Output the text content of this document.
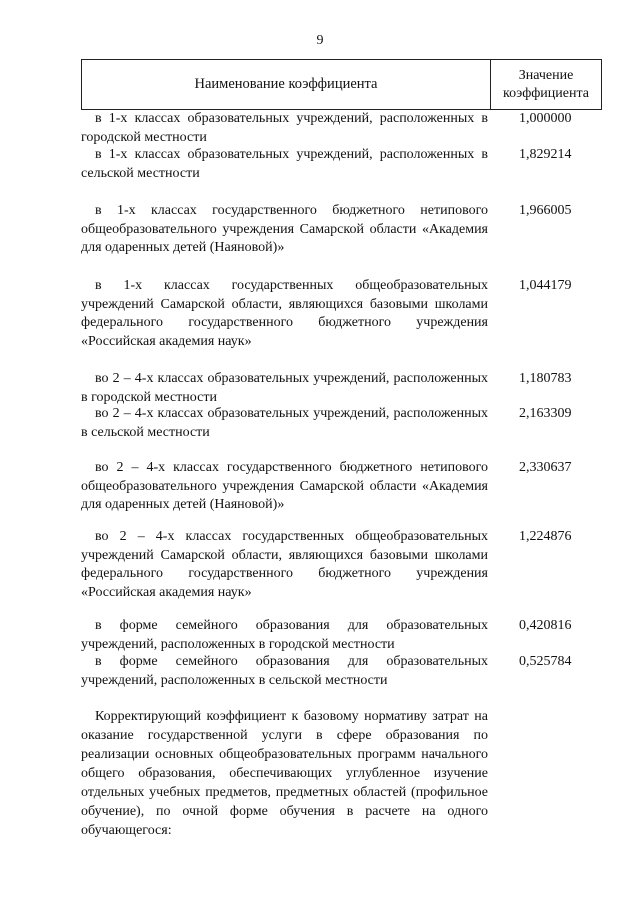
9
Наименование коэффициента
Значение
коэффициента
в 1-х классах образовательных учреждений, расположенных в городской местности
1,000000
в 1-х классах образовательных учреждений, расположенных в сельской местности
1,829214
в 1-х классах государственного бюджетного нетипового общеобразовательного учреждения Самарской области «Академия для одаренных детей (Наяновой)»
1,966005
в 1-х классах государственных общеобразовательных учреждений Самарской области, являющихся базовыми школами федерального государственного бюджетного учреждения «Российская академия наук»
1,044179
во 2 – 4-х классах образовательных учреждений, расположенных в городской местности
1,180783
во 2 – 4-х классах образовательных учреждений, расположенных в сельской местности
2,163309
во 2 – 4-х классах государственного бюджетного нетипового общеобразовательного учреждения Самарской области «Академия для одаренных детей (Наяновой)»
2,330637
во 2 – 4-х классах государственных общеобразовательных учреждений Самарской области, являющихся базовыми школами федерального государственного бюджетного учреждения «Российская академия наук»
1,224876
в форме семейного образования для образовательных учреждений, расположенных в городской местности
0,420816
в форме семейного образования для образовательных учреждений, расположенных в сельской местности
0,525784
Корректирующий коэффициент к базовому нормативу затрат на оказание государственной услуги в сфере образования по реализации основных общеобразовательных программ начального общего образования, обеспечивающих углубленное изучение отдельных учебных предметов, предметных областей (профильное обучение), по очной форме обучения в расчете на одного обучающегося:
